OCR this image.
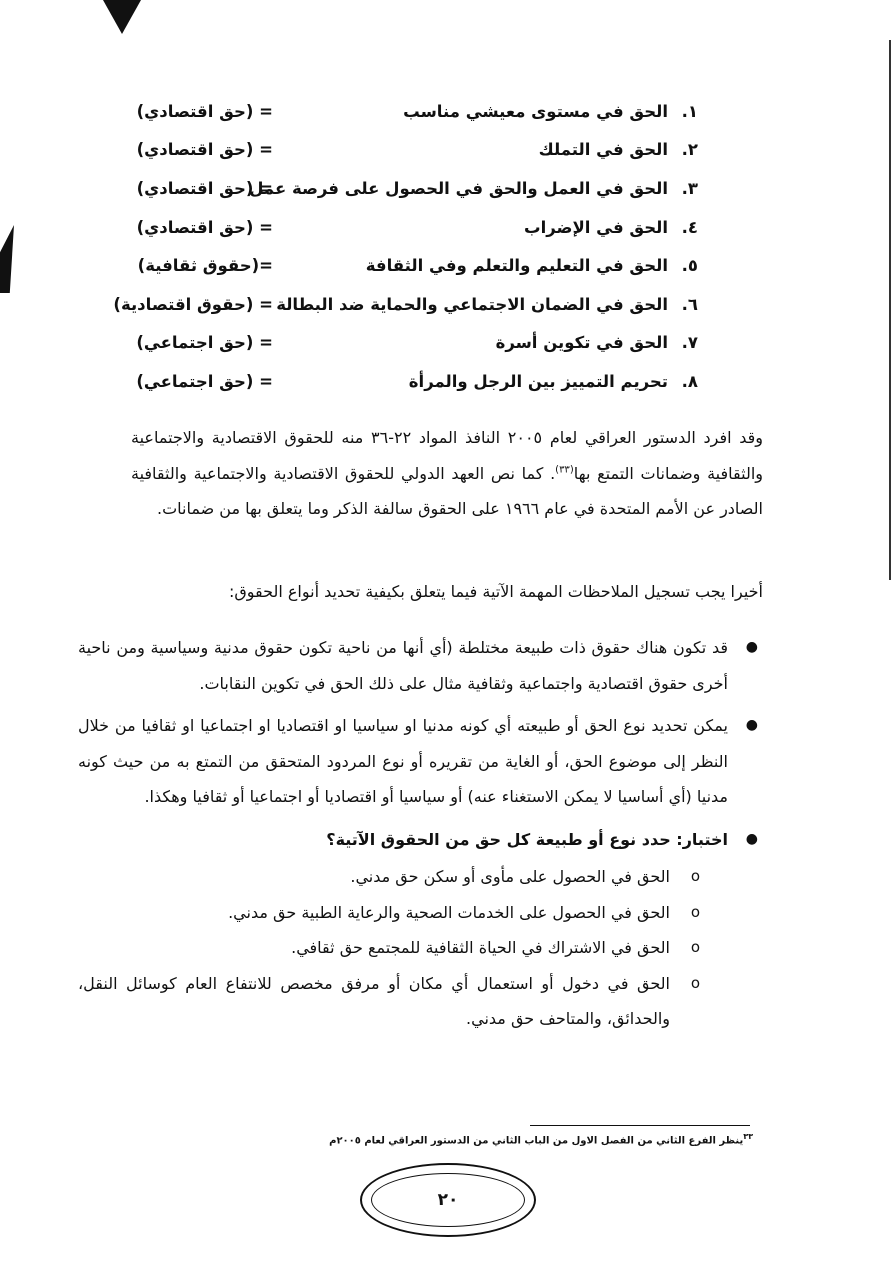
١.
الحق في مستوى معيشي مناسب
= (حق اقتصادي)
٢.
الحق في التملك
= (حق اقتصادي)
٣.
الحق في العمل والحق في الحصول على فرصة عمل
= (حق اقتصادي)
٤.
الحق في الإضراب
= (حق اقتصادي)
٥.
الحق في التعليم والتعلم وفي الثقافة
=(حقوق ثقافية)
٦.
الحق في الضمان الاجتماعي والحماية ضد البطالة
= (حقوق اقتصادية)
٧.
الحق في تكوين أسرة
= (حق اجتماعي)
٨.
تحريم التمييز بين الرجل والمرأة
= (حق اجتماعي)

وقد افرد الدستور العراقي لعام ٢٠٠٥ النافذ المواد ٢٢-٣٦ منه للحقوق الاقتصادية والاجتماعية والثقافية وضمانات التمتع بها$^{(٣٣)}$. كما نص العهد الدولي للحقوق الاقتصادية والاجتماعية والثقافية الصادر عن الأمم المتحدة في عام ١٩٦٦ على الحقوق سالفة الذكر وما يتعلق بها من ضمانات.

أخيرا يجب تسجيل الملاحظات المهمة الآتية فيما يتعلق بكيفية تحديد أنواع الحقوق:

●
قد تكون هناك حقوق ذات طبيعة مختلطة (أي أنها من ناحية تكون حقوق مدنية وسياسية ومن ناحية أخرى حقوق اقتصادية واجتماعية وثقافية مثال على ذلك الحق في تكوين النقابات.
●
يمكن تحديد نوع الحق أو طبيعته أي كونه مدنيا او سياسيا او اقتصاديا او اجتماعيا او ثقافيا من خلال النظر إلى موضوع الحق، أو الغاية من تقريره أو نوع المردود المتحقق من التمتع به من حيث كونه مدنيا (أي أساسيا لا يمكن الاستغناء عنه) أو سياسيا أو اقتصاديا أو اجتماعيا أو ثقافيا وهكذا.
●
اختبار: حدد نوع أو طبيعة كل حق من الحقوق الآتية؟
o
الحق في الحصول على مأوى أو سكن حق مدني.
o
الحق في الحصول على الخدمات الصحية والرعاية الطبية حق مدني.
o
الحق في الاشتراك في الحياة الثقافية للمجتمع حق ثقافي.
o
الحق في دخول أو استعمال أي مكان أو مرفق مخصص للانتفاع العام كوسائل النقل، والحدائق، والمتاحف حق مدني.

$^{٣٣}$ينظر الفرع الثاني من الفصل الاول من الباب الثاني من الدستور العراقي لعام ٢٠٠٥م

٢٠
